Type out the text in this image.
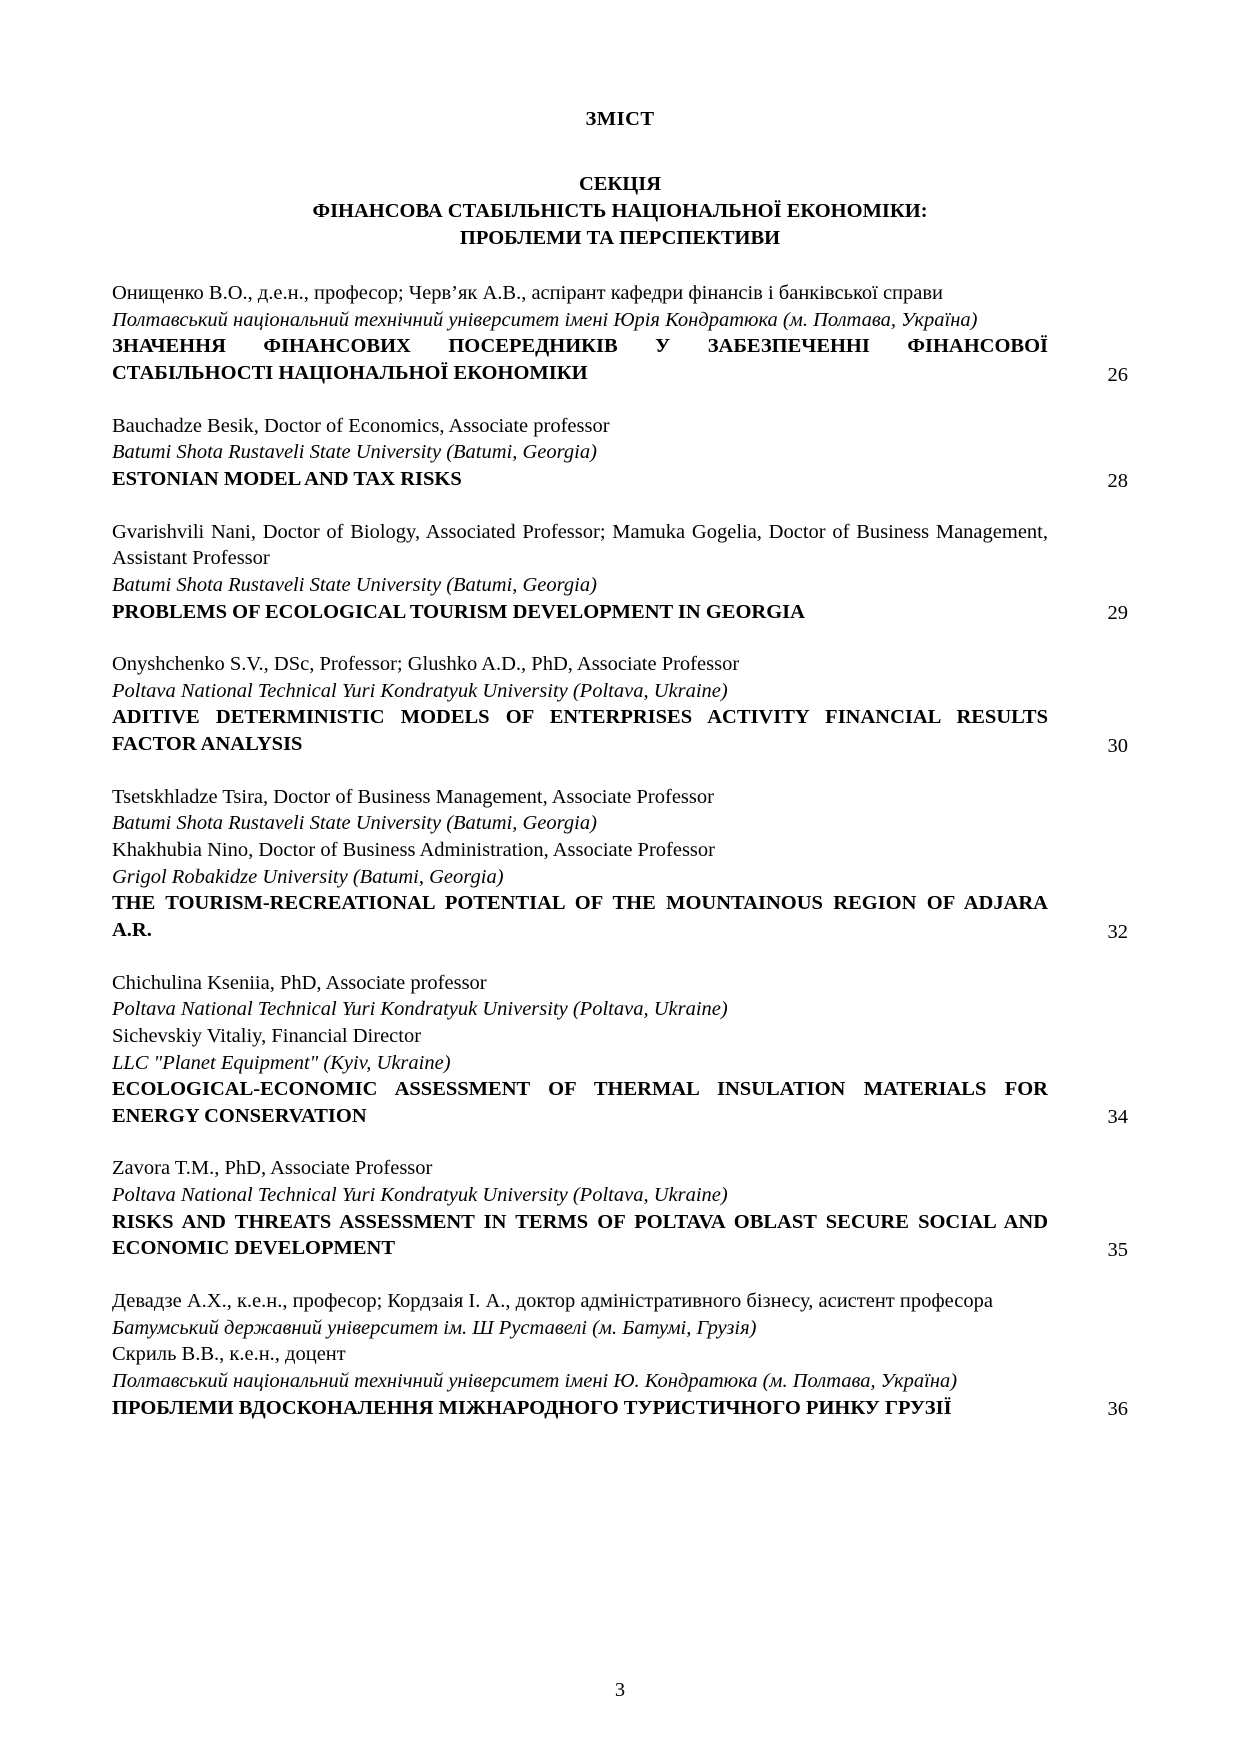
ЗМІСТ
СЕКЦІЯ
ФІНАНСОВА СТАБІЛЬНІСТЬ НАЦІОНАЛЬНОЇ ЕКОНОМІКИ:
ПРОБЛЕМИ ТА ПЕРСПЕКТИВИ
Онищенко В.О., д.е.н., професор; Черв’як А.В., аспірант кафедри фінансів і банківської справи
Полтавський національний технічний університет імені Юрія Кондратюка (м. Полтава, Україна)
ЗНАЧЕННЯ ФІНАНСОВИХ ПОСЕРЕДНИКІВ У ЗАБЕЗПЕЧЕННІ ФІНАНСОВОЇ СТАБІЛЬНОСТІ НАЦІОНАЛЬНОЇ ЕКОНОМІКИ	26
Bauchadze Besik, Doctor of Economics, Associate professor
Batumi Shota Rustaveli State University (Batumi, Georgia)
ESTONIAN MODEL AND TAX RISKS	28
Gvarishvili Nani, Doctor of Biology, Associated Professor; Mamuka Gogelia, Doctor of Business Management, Assistant Professor
Batumi Shota Rustaveli State University (Batumi, Georgia)
PROBLEMS OF ECOLOGICAL TOURISM DEVELOPMENT IN GEORGIA	29
Onyshchenko S.V., DSc, Professor; Glushko A.D., PhD, Associate Professor
Poltava National Technical Yuri Kondratyuk University (Poltava, Ukraine)
ADITIVE DETERMINISTIC MODELS OF ENTERPRISES ACTIVITY FINANCIAL RESULTS FACTOR ANALYSIS	30
Tsetskhladze Tsira, Doctor of Business Management, Associate Professor
Batumi Shota Rustaveli State University (Batumi, Georgia)
Khakhubia Nino, Doctor of Business Administration, Associate Professor
Grigol Robakidze University (Batumi, Georgia)
THE TOURISM-RECREATIONAL POTENTIAL OF THE MOUNTAINOUS REGION OF ADJARA A.R.	32
Chichulina Kseniia, PhD, Associate professor
Poltava National Technical Yuri Kondratyuk University (Poltava, Ukraine)
Sichevskiy Vitaliy, Financial Director
LLC "Planet Equipment" (Kyiv, Ukraine)
ECOLOGICAL-ECONOMIC ASSESSMENT OF THERMAL INSULATION MATERIALS FOR ENERGY CONSERVATION	34
Zavora T.M., PhD, Associate Professor
Poltava National Technical Yuri Kondratyuk University (Poltava, Ukraine)
RISKS AND THREATS ASSESSMENT IN TERMS OF POLTAVA OBLAST SECURE SOCIAL AND ECONOMIC DEVELOPMENT	35
Девадзе А.Х., к.е.н., професор; Кордзаія І. А., доктор адміністративного бізнесу, асистент професора
Батумський державний університет ім. Ш Руставелі (м. Батумі, Грузія)
Скриль В.В., к.е.н., доцент
Полтавський національний технічний університет імені Ю. Кондратюка (м. Полтава, Україна)
ПРОБЛЕМИ ВДОСКОНАЛЕННЯ МІЖНАРОДНОГО ТУРИСТИЧНОГО РИНКУ ГРУЗІЇ	36
3
